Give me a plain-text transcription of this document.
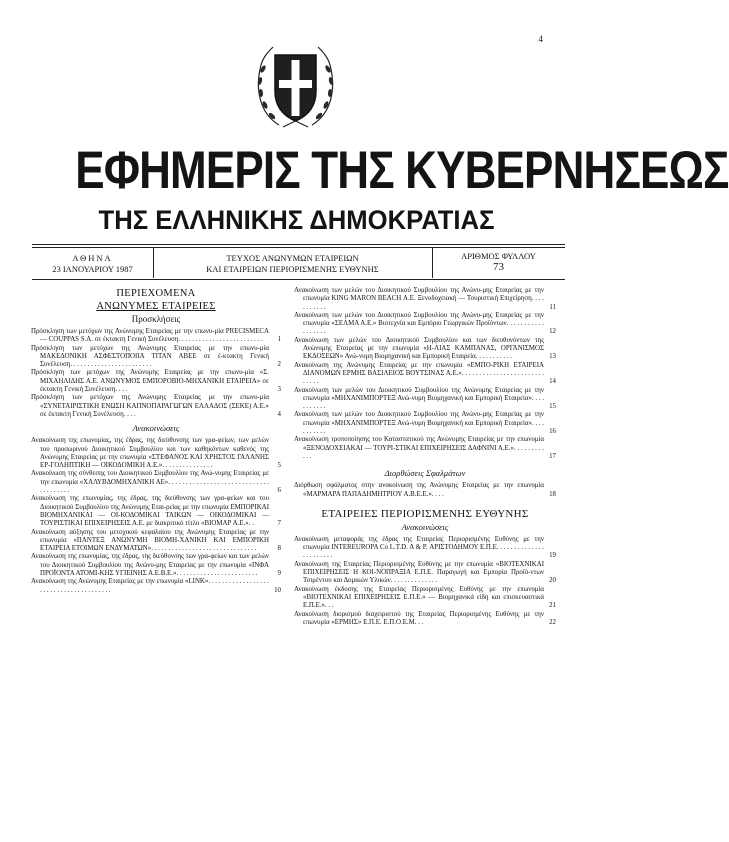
4
ΕΦΗΜΕΡΙΣ ΤΗΣ ΚΥΒΕΡΝΗΣΕΩΣ
ΤΗΣ ΕΛΛΗΝΙΚΗΣ ΔΗΜΟΚΡΑΤΙΑΣ
ΑΘΗΝΑ
23 ΙΑΝΟΥΑΡΙΟΥ 1987
ΤΕΥΧΟΣ ΑΝΩΝΥΜΩΝ ΕΤΑΙΡΕΙΩΝ
ΚΑΙ ΕΤΑΙΡΕΙΩΝ ΠΕΡΙΟΡΙΣΜΕΝΗΣ ΕΥΘΥΝΗΣ
ΑΡΙΘΜΟΣ ΦΥΛΛΟΥ
73

ΠΕΡΙΕΧΟΜΕΝΑ

ΑΝΩΝΥΜΕΣ ΕΤΑΙΡΕΙΕΣ

Προσκλήσεις

Πρόσκληση των μετόχων της Ανώνυμης Εταιρείας με την επωνυ-μία PRECISMECA — COUPPAS S.A. σε έκτακτη Γενική Συνέλευση. . . . . . . . . . . . . . . . . . . . . . . . . 1

Πρόσκληση των μετόχων της Ανώνυμης Εταιρείας με την επωνυ-μία ΜΑΚΕΔΟΝΙΚΗ ΑΣΦΕΣΤΟΠΟΙΙΑ ΤΙΤΑΝ ΑΒΕΕ σε έ-κτακτη Γενική Συνέλευση. . . . . . . . . . . . . . . . . . . . . . . .	2

Πρόσκληση των μετόχων της Ανώνυμης Εταιρείας με την επωνυ-μία «Σ. ΜΙΧΑΗΛΙΔΗΣ Α.Ε. ΑΝΩΝΥΜΟΣ ΕΜΠΟΡΟΒΙΟ-ΜΗΧΑΝΙΚΗ ΕΤΑΙΡΕΙΑ» σε έκτακτη Γενική Συνέλευση. . . .	3

Πρόσκληση των μετόχων της Ανώνυμης Εταιρείας με την επωνυ-μία «ΣΥΝΕΤΑΙΡΙΣΤΙΚΗ ΕΝΩΣΗ ΚΑΠΝΟΠΑΡΑΓΩΓΩΝ ΕΛΛΑΔΟΣ (ΣΕΚΕ) Α.Ε.» σε έκτακτη Γενική Συνέλευση. . . .	4

Ανακοινώσεις

Ανακοίνωση της επωνυμίας, της έδρας, της διεύθυνσης των γρα-φείων, των μελών του προσωρινού Διοικητικού Συμβουλίου και των καθηκόντων καθενός της Ανώνυμης Εταιρείας με την επωνυμία «ΣΤΕΦΑΝΟΣ ΚΑΙ ΧΡΗΣΤΟΣ ΓΑΛΑΝΗΣ ΕΡ-ΓΟΛΗΠΤΙΚΗ — ΟΙΚΟΔΟΜΙΚΗ Α.Ε.». . . . . . . . . . . . . . .	5

Ανακοίνωση της σύνθεσης του Διοικητικού Συμβουλίου της Ανώ-νυμης Εταιρείας με την επωνυμία «ΧΑΛΥΒΔΟΜΗΧΑΝΙΚΗ ΑΕ». . . . . . . . . . . . . . . . . . . . . . . . . . . . . . . . . . . . . .	6

Ανακοίνωση της επωνυμίας, της έδρας, της διεύθυνσης των γρα-φείων και του Διοικητικού Συμβουλίου της Ανώνυμης Εται-ρείας με την επωνυμία ΕΜΠΟΡΙΚΑΙ ΒΙΟΜΗΧΑΝΙΚΑΙ — ΟΙ-ΚΟΔΟΜΙΚΑΙ ΤΑΙΚΩΝ — ΟΙΚΟΔΟΜΙΚΑΙ — ΤΟΥΡΙΣΤΙΚΑΙ ΕΠΙΧΕΙΡΗΣΕΙΣ Α.Ε. με διακριτικό τίτλο «ΒΙΟΜΑΡ Α.Ε.». .	7

Ανακοίνωση αύξησης του μετοχικού κεφαλαίου της Ανώνυμης Εταιρείας με την επωνυμία «ΠΑΝΤΕΞ ΑΝΩΝΥΜΗ ΒΙΟΜΗ-ΧΑΝΙΚΗ ΚΑΙ ΕΜΠΟΡΙΚΗ ΕΤΑΙΡΕΙΑ ΕΤΟΙΜΩΝ ΕΝΔΥΜΑΤΩΝ». . . . . . . . . . . . . . . . . . . . . . . . . . . . . . .	8

Ανακοίνωση της επωνυμίας, της έδρας, της διεύθυνσης των γρα-φείων και των μελών του Διοικητικού Συμβουλίου της Ανώνυ-μης Εταιρείας με την επωνυμία «ΙΝΦΑ ΠΡΟΪΟΝΤΑ ΑΤΟΜΙ-ΚΗΣ ΥΓΙΕΙΝΗΣ Α.Ε.Β.Ε.». . . . . . . . . . . . . . . . . . . . . . . .	9

Ανακοίνωση της Ανώνυμης Εταιρείας με την επωνυμία «LINK». . . . . . . . . . . . . . . . . . . . . . . . . . . . . . . . . . . . . . .	10

Ανακοίνωση των μελών του Διοικητικού Συμβουλίου της Ανώνυ-μης Εταιρείας με την επωνυμία KING MARON BEACH Α.Ε. Ξενοδοχειακή — Τουριστική Επιχείρηση. . . . . . . . . . .	11

Ανακοίνωση των μελών του Διοικητικού Συμβουλίου της Ανώνυ-μης Εταιρείας με την επωνυμία «ΣΕΛΜΑ Α.Ε.» Βιοτεχνία και Εμπόριο Γεωργικών Προϊόντων. . . . . . . . . . . . . . . . . .	12

Ανακοίνωση των μελών του Διοικητικού Συμβουλίου και των διευθυνόντων της Ανώνυμης Εταιρείας με την επωνυμία «Η-ΛΙΑΣ ΚΑΜΠΑΝΑΣ, ΟΡΓΑΝΙΣΜΟΣ ΕΚΔΟΣΕΩΝ» Ανώ-νυμη Βιομηχανική και Εμπορική Εταιρεία. . . . . . . . . . .	13

Ανακοίνωση της Ανώνυμης Εταιρείας με την επωνυμία «ΕΜΠΟ-ΡΙΚΗ ΕΤΑΙΡΕΙΑ ΔΙΑΝΟΜΩΝ ΕΡΜΗΣ ΒΑΣΙΛΕΙΟΣ ΒΟΥΤΣΙΝΑΣ Α.Ε.». . . . . . . . . . . . . . . . . . . . . . . . . . . . .	14

Ανακοίνωση των μελών του Διοικητικού Συμβουλίου της Ανώνυμης Εταιρείας με την επωνυμία «ΜΗΧΑΝΙΜΠΟΡΤΕΞ Ανώ-νυμη Βιομηχανική και Εμπορική Εταιρεία». . . . . . . . . . .	15

Ανακοίνωση των μελών του Διοικητικού Συμβουλίου της Ανώνυ-μης Εταιρείας με την επωνυμία «ΜΗΧΑΝΙΜΠΟΡΤΕΞ Ανώ-νυμη Βιομηχανική και Εμπορική Εταιρεία». . . . . . . . . . .	16

Ανακοίνωση τροποποίησης του Καταστατικού της Ανώνυμης Εταιρείας με την επωνυμία «ΞΕΝΟΔΟΧΕΙΑΚΑΙ — ΤΟΥΡΙ-ΣΤΙΚΑΙ ΕΠΙΧΕΙΡΗΣΕΙΣ ΔΑΦΝΙΝΙ Α.Ε.». . . . . . . . . . . .	17

Διορθώσεις Σφαλμάτων

Διόρθωση σφάλματος στην ανακοίνωση της Ανώνυμης Εταιρείας με την επωνυμία «ΜΑΡΜΑΡΑ ΠΑΠΑΔΗΜΗΤΡΙΟΥ Α.Β.Ε.Ε.». . . .	18

ΕΤΑΙΡΕΙΕΣ ΠΕΡΙΟΡΙΣΜΕΝΗΣ ΕΥΘΥΝΗΣ

Ανακοινώσεις

Ανακοίνωση μεταφοράς της έδρας της Εταιρείας Περιορισμένης Ευθύνης με την επωνυμία INTEREUROPA Co L.T.D. A & P. ΑΡΙΣΤΟΔΗΜΟΥ Ε.Π.Ε. . . . . . . . . . . . . . . . . . . . . . .	19

Ανακοίνωση της Εταιρείας Περιορισμένης Ευθύνης με την επωνυμία «ΒΙΟΤΕΧΝΙΚΑΙ ΕΠΙΧΕΙΡΗΣΕΙΣ Η ΚΟΙ-ΝΟΠΡΑΞΙΑ Ε.Π.Ε. Παραγωγή και Εμπορία Προϊό-ντων Τσιμέντου και Δομικών Υλικών. . . . . . . . . . . . . .	20

Ανακοίνωση έκδοσης της Εταιρείας Περιορισμένης Ευθύνης με την επωνυμία «ΒΙΟΤΕΧΝΙΚΑΙ ΕΠΙΧΕΙΡΗΣΕΙΣ Ε.Π.Ε.» — Βιομηχανικά είδη και επισκευαστικά Ε.Π.Ε.». . .	21

Ανακοίνωση διορισμού διαχειριστού της Εταιρείας Περιορισμένης Ευθύνης με την επωνυμία «ΕΡΜΗΣ» Ε.Π.Ε. Ε.Π.Ο.Ε.Μ. . .	22
